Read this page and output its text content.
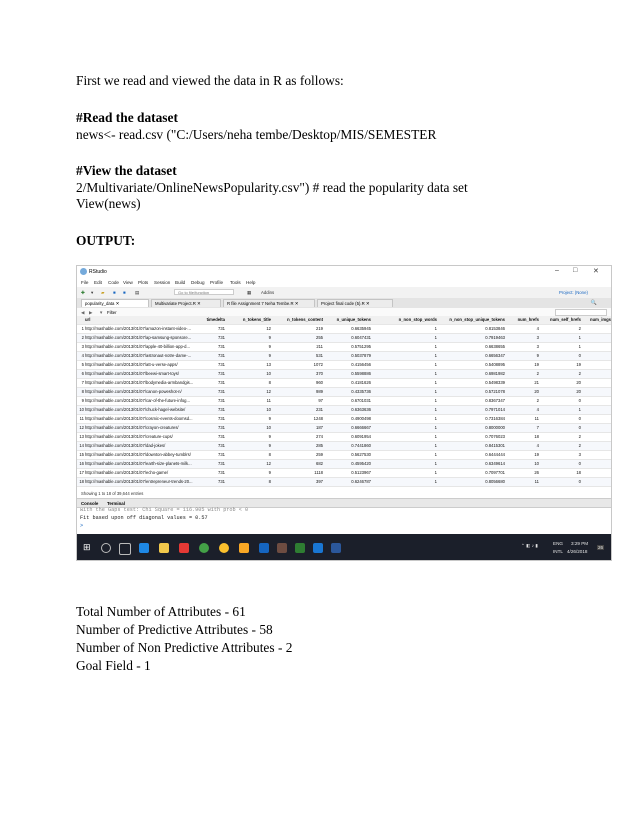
First we read and viewed the data in R as follows:
#Read the dataset
news<- read.csv ("C:/Users/neha tembe/Desktop/MIS/SEMESTER
#View the dataset
2/Multivariate/OnlineNewsPopularity.csv") # read the popularity data set
View(news)
OUTPUT:
RStudio	– □ ✕
File Edit Code View Plots Session Build Debug Profile Tools Help
✚ ▾ ▰ ■ ■ ▤	Go to file/function	▦ Addins	Project: (None)
popularity_data ✕	Multivariate Project.R ✕	R file Assignment 7 Neha Tembe.R ✕	Project final code (5).R ✕	🔍
◀ ▶ ▼ Filter
url	timedelta	n_tokens_title	n_tokens_content	n_unique_tokens	n_non_stop_words	n_non_stop_unique_tokens	num_hrefs	num_self_hrefs	num_imgs
1 http://mashable.com/2013/01/07/amazon-instant-video-...	731	12	219	0.6635945	1	0.8153846	4	2
2 http://mashable.com/2013/01/07/ap-samsung-sponsore...	731	9	255	0.6047431	1	0.7919463	3	1
3 http://mashable.com/2013/01/07/apple-40-billion-app-d...	731	9	211	0.5751295	1	0.6638655	3	1
4 http://mashable.com/2013/01/07/astronaut-notre-dame-...	731	9	531	0.5037879	1	0.6656347	9	0
5 http://mashable.com/2013/01/07/att-u-verse-apps/	731	13	1072	0.4156456	1	0.5408895	19	19
6 http://mashable.com/2013/01/07/beewi-smart-toys/	731	10	370	0.5598886	1	0.6981982	2	2
7 http://mashable.com/2013/01/07/bodymedia-armbandgis...	731	8	960	0.4181626	1	0.5498339	21	20
8 http://mashable.com/2013/01/07/canon-poweshot-n/	731	12	989	0.4335736	1	0.5721078	20	20
9 http://mashable.com/2013/01/07/car-of-the-future-infog...	731	11	97	0.6701031	1	0.8367347	2	0
10 http://mashable.com/2013/01/07/chuck-hagel-website/	731	10	231	0.6363636	1	0.7971014	4	1
11 http://mashable.com/2013/01/07/cosmic-events-doomsd...	731	9	1248	0.4900498	1	0.7316384	11	0
12 http://mashable.com/2013/01/07/crayon-creatures/	731	10	187	0.6666667	1	0.8000000	7	0
13 http://mashable.com/2013/01/07/creature-cups/	731	9	274	0.6091954	1	0.7076023	18	2
14 http://mashable.com/2013/01/07/dad-jokes/	731	9	285	0.7441860	1	0.8415301	4	2
15 http://mashable.com/2013/01/07/downton-abbey-tumblrs/	731	8	259	0.5627530	1	0.6444444	19	3
16 http://mashable.com/2013/01/07/earth-size-planets-milk...	731	12	682	0.4595420	1	0.6349614	10	0
17 http://mashable.com/2013/01/07/echo-game/	731	9	1118	0.5123967	1	0.7097701	26	18
18 http://mashable.com/2013/01/07/entrepreneur-trends-20...	731	8	397	0.6246787	1	0.8056680	11	0
Showing 1 to 18 of 39,644 entries
Console Terminal
with the Gaps test: Chi Square = 116.905 with prob < 0
Fit based upon off diagonal values = 0.57
>
⊞	⌃ ◧ ♪ ▮	ENG
INTL
3:29 PM
4/26/2018
26
Total Number of Attributes - 61
Number of Predictive Attributes - 58
Number of Non Predictive Attributes - 2
Goal Field - 1
